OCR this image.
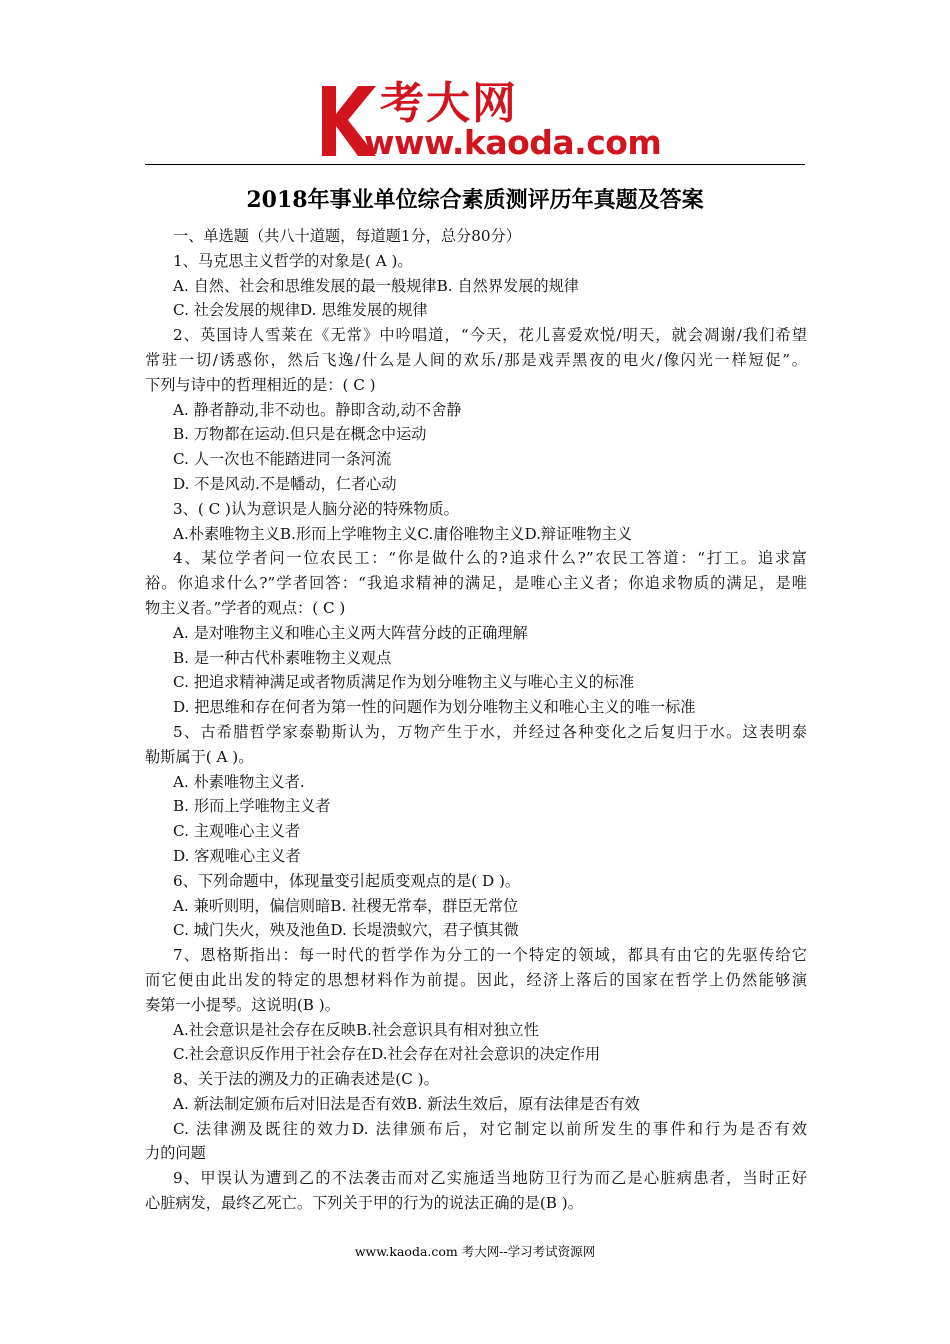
考大网
www.kaoda.com
2018年事业单位综合素质测评历年真题及答案
一、单选题（共八十道题，每道题1分，总分80分）
1、马克思主义哲学的对象是( A )。
A. 自然、社会和思维发展的最一般规律B. 自然界发展的规律
C. 社会发展的规律D. 思维发展的规律
2、英国诗人雪莱在《无常》中吟唱道，“今天，花儿喜爱欢悦/明天，就会凋谢/我们希望
常驻一切/诱惑你，然后飞逸/什么是人间的欢乐/那是戏弄黑夜的电火/像闪光一样短促”。
下列与诗中的哲理相近的是：( C )
A. 静者静动,非不动也。静即含动,动不舍静
B. 万物都在运动.但只是在概念中运动
C. 人一次也不能踏进同一条河流
D. 不是风动.不是幡动，仁者心动
3、( C )认为意识是人脑分泌的特殊物质。
A.朴素唯物主义B.形而上学唯物主义C.庸俗唯物主义D.辩证唯物主义
4、某位学者问一位农民工：“你是做什么的?追求什么?”农民工答道：“打工。追求富
裕。你追求什么?”学者回答：“我追求精神的满足，是唯心主义者；你追求物质的满足，是唯
物主义者。”学者的观点：( C )
A. 是对唯物主义和唯心主义两大阵营分歧的正确理解
B. 是一种古代朴素唯物主义观点
C. 把追求精神满足或者物质满足作为划分唯物主义与唯心主义的标准
D. 把思维和存在何者为第一性的问题作为划分唯物主义和唯心主义的唯一标准
5、古希腊哲学家泰勒斯认为，万物产生于水，并经过各种变化之后复归于水。这表明泰
勒斯属于( A )。
A. 朴素唯物主义者.
B. 形而上学唯物主义者
C. 主观唯心主义者
D. 客观唯心主义者
6、下列命题中，体现量变引起质变观点的是( D )。
A. 兼听则明，偏信则暗B. 社稷无常奉，群臣无常位
C. 城门失火，殃及池鱼D. 长堤溃蚁穴，君子慎其微
7、恩格斯指出：每一时代的哲学作为分工的一个特定的领域，都具有由它的先驱传给它
而它便由此出发的特定的思想材料作为前提。因此，经济上落后的国家在哲学上仍然能够演
奏第一小提琴。这说明(B )。
A.社会意识是社会存在反映B.社会意识具有相对独立性
C.社会意识反作用于社会存在D.社会存在对社会意识的决定作用
8、关于法的溯及力的正确表述是(C )。
A. 新法制定颁布后对旧法是否有效B. 新法生效后，原有法律是否有效
C. 法律溯及既往的效力D. 法律颁布后，对它制定以前所发生的事件和行为是否有效
力的问题
9、甲误认为遭到乙的不法袭击而对乙实施适当地防卫行为而乙是心脏病患者，当时正好
心脏病发，最终乙死亡。下列关于甲的行为的说法正确的是(B )。
www.kaoda.com 考大网--学习考试资源网
